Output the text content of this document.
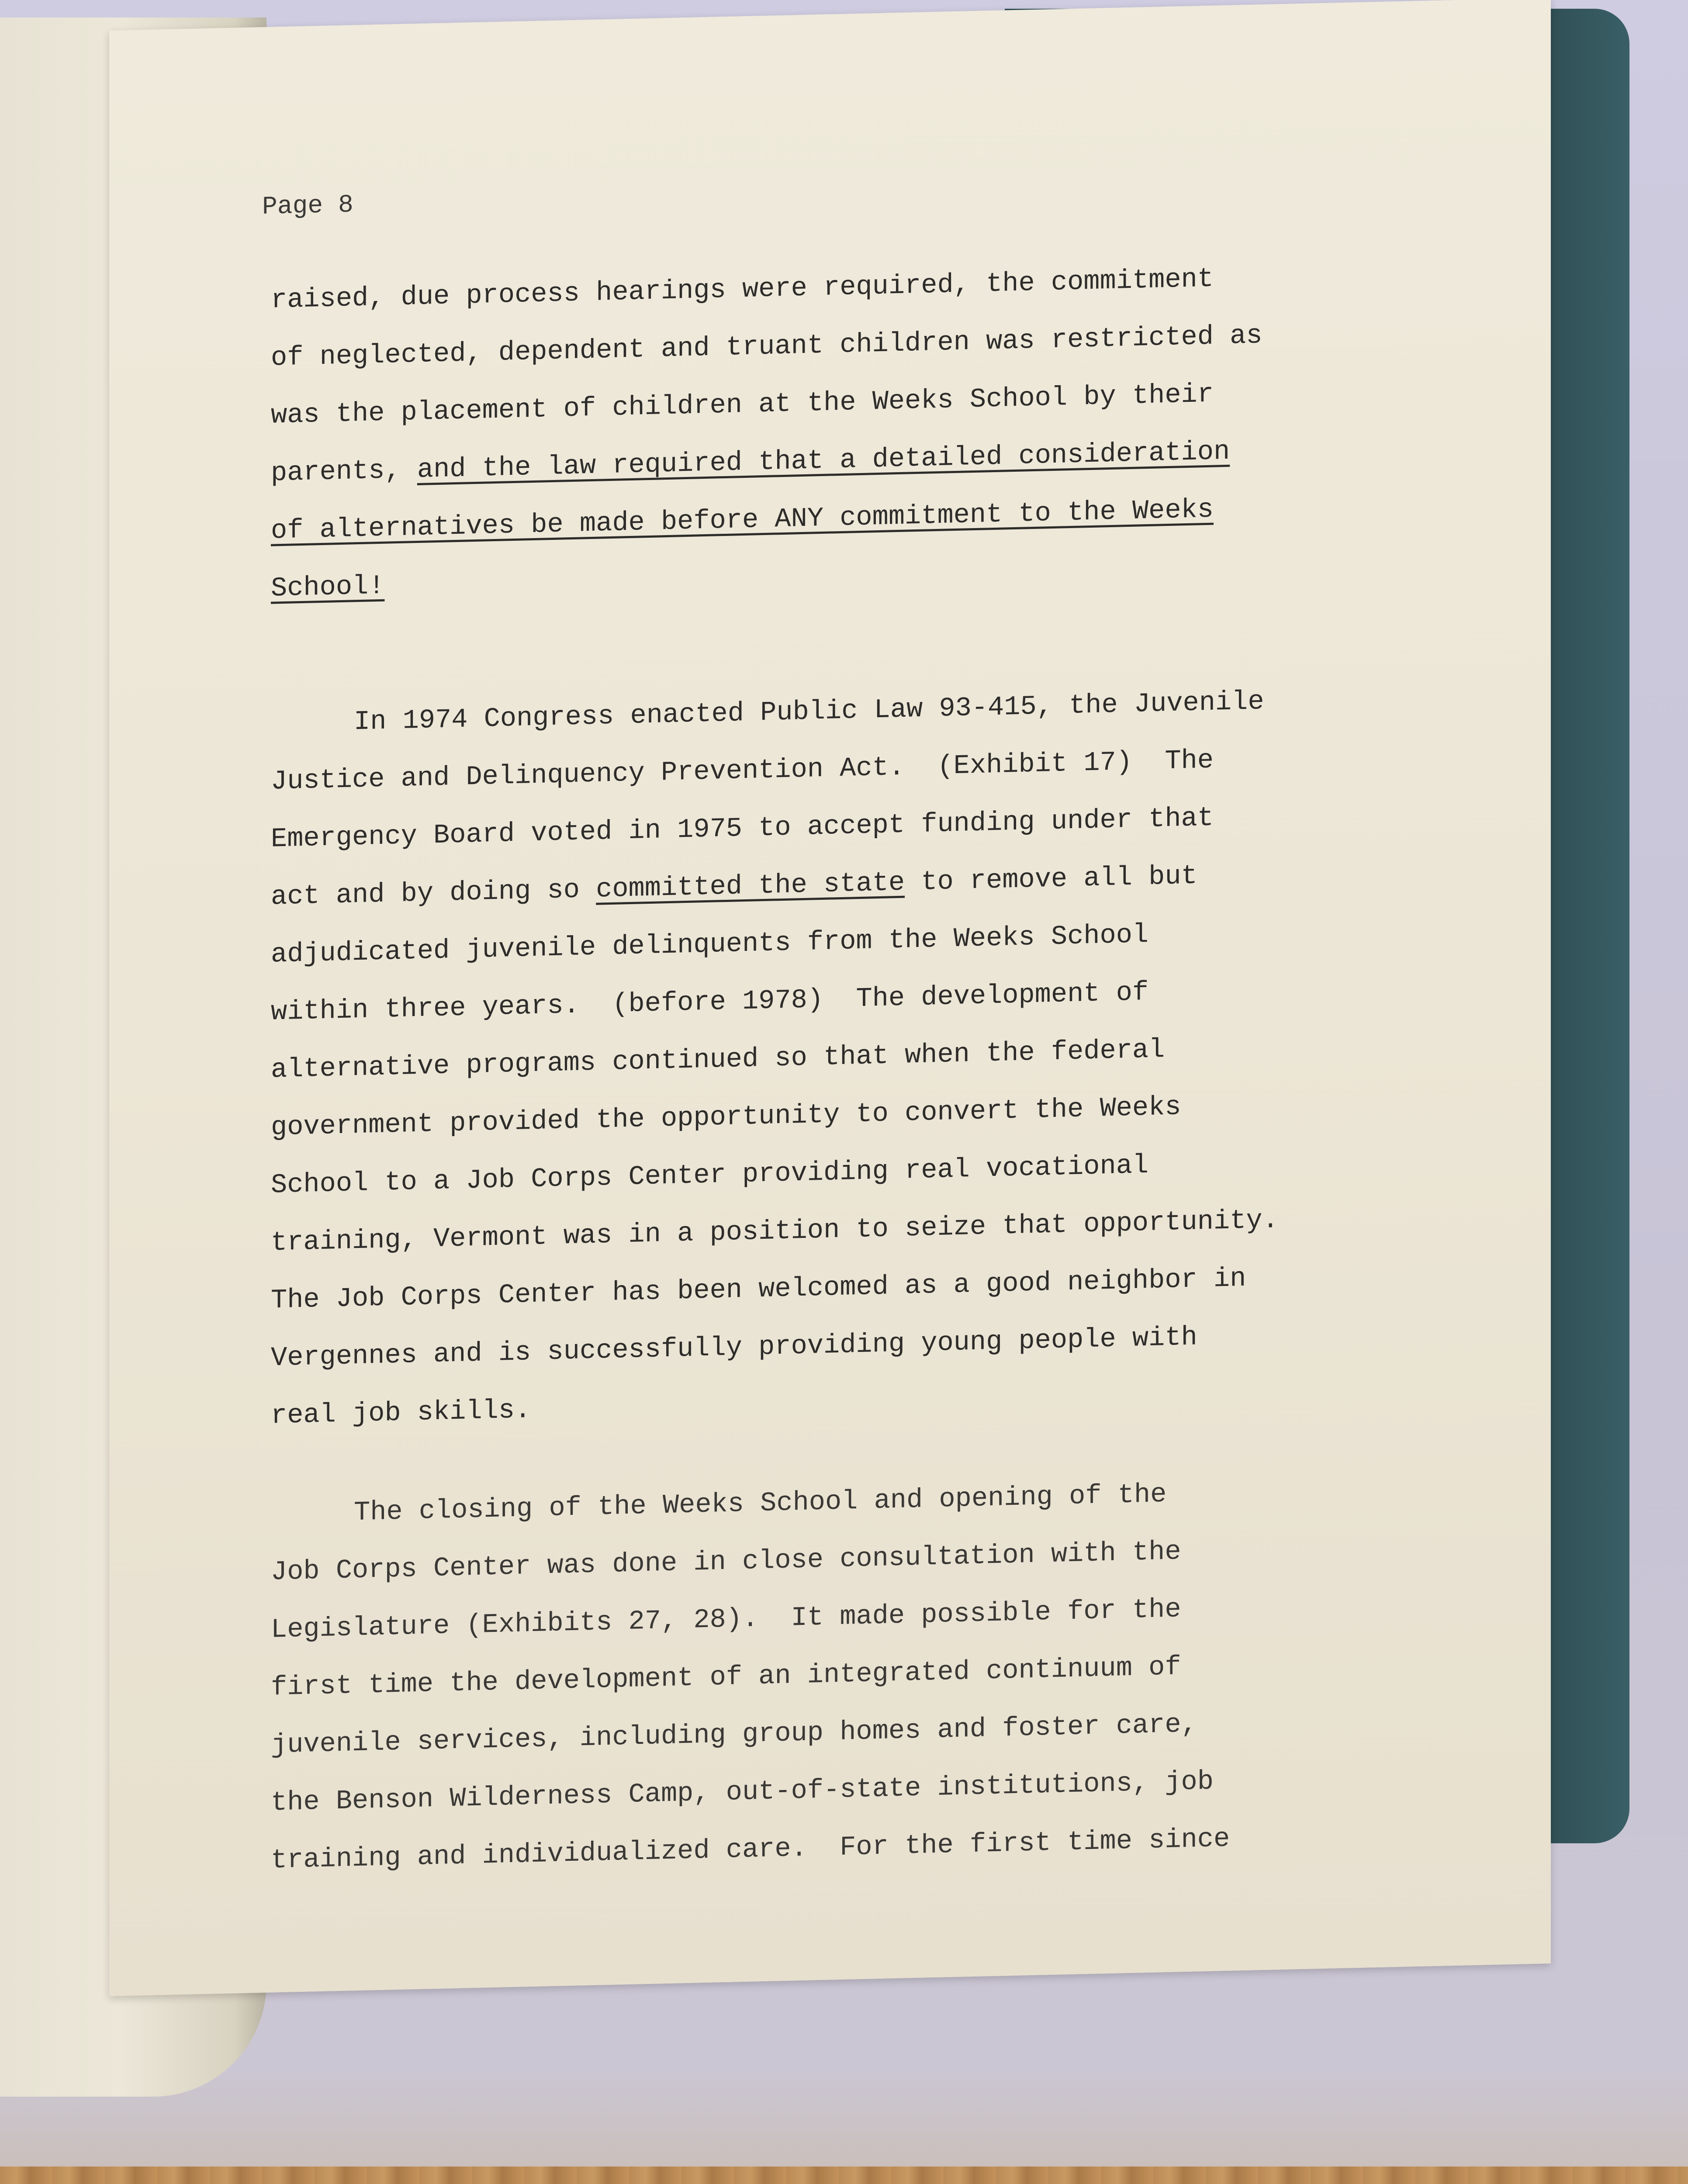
Page 8
raised, due process hearings were required, the commitment
of neglected, dependent and truant children was restricted as
was the placement of children at the Weeks School by their
parents, and the law required that a detailed consideration
of alternatives be made before ANY commitment to the Weeks
School!
In 1974 Congress enacted Public Law 93-415, the Juvenile
Justice and Delinquency Prevention Act.  (Exhibit 17)  The
Emergency Board voted in 1975 to accept funding under that
act and by doing so committed the state to remove all but
adjudicated juvenile delinquents from the Weeks School
within three years.  (before 1978)  The development of
alternative programs continued so that when the federal
government provided the opportunity to convert the Weeks
School to a Job Corps Center providing real vocational
training, Vermont was in a position to seize that opportunity.
The Job Corps Center has been welcomed as a good neighbor in
Vergennes and is successfully providing young people with
real job skills.
The closing of the Weeks School and opening of the
Job Corps Center was done in close consultation with the
Legislature (Exhibits 27, 28).  It made possible for the
first time the development of an integrated continuum of
juvenile services, including group homes and foster care,
the Benson Wilderness Camp, out-of-state institutions, job
training and individualized care.  For the first time since
